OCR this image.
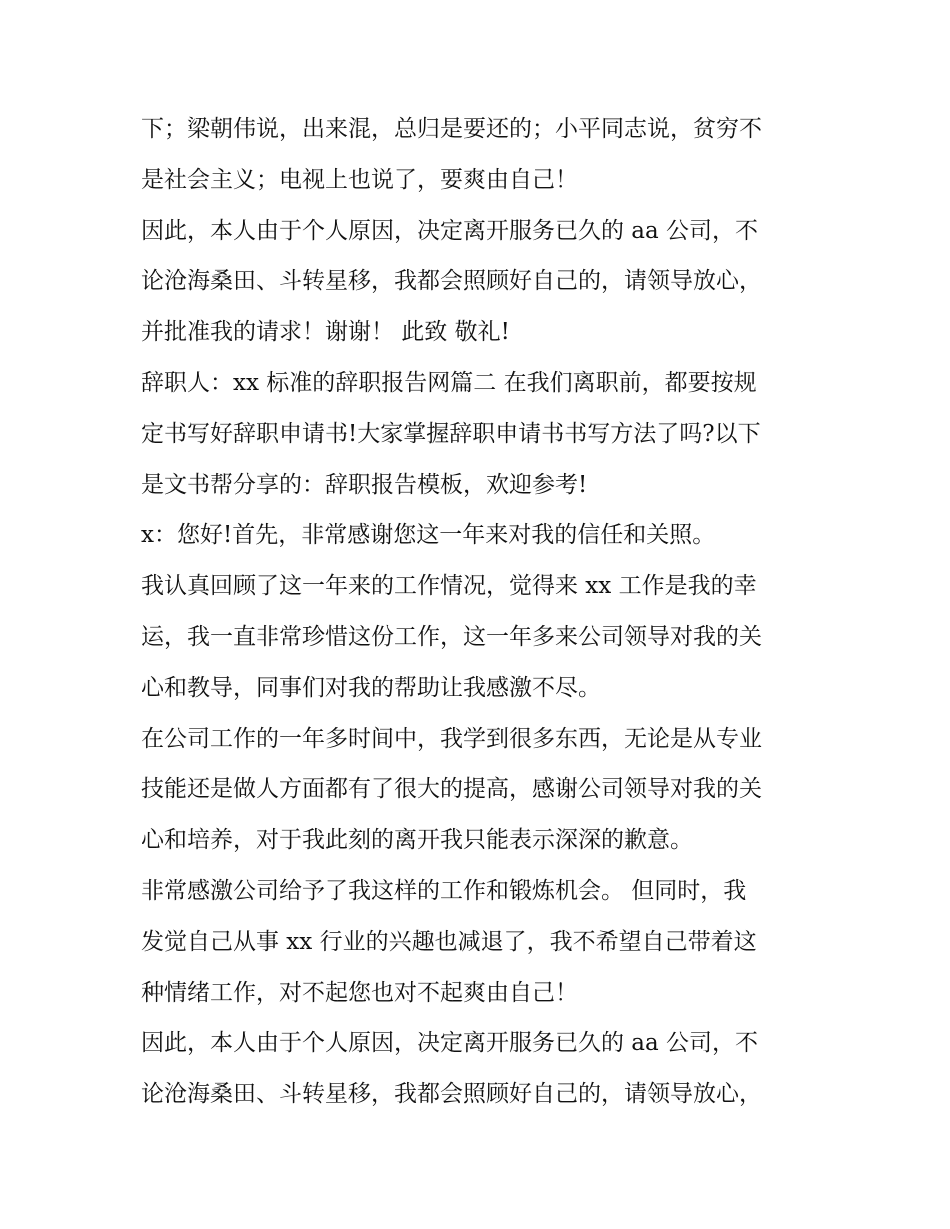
下；梁朝伟说，出来混，总归是要还的；小平同志说，贫穷不
是社会主义；电视上也说了，要爽由自己！
因此，本人由于个人原因，决定离开服务已久的 aa 公司，不
论沧海桑田、斗转星移，我都会照顾好自己的，请领导放心，
并批准我的请求！谢谢！ 此致 敬礼!
辞职人：xx 标准的辞职报告网篇二 在我们离职前，都要按规
定书写好辞职申请书!大家掌握辞职申请书书写方法了吗?以下
是文书帮分享的：辞职报告模板，欢迎参考!
x：您好!首先，非常感谢您这一年来对我的信任和关照。
我认真回顾了这一年来的工作情况，觉得来 xx 工作是我的幸
运，我一直非常珍惜这份工作，这一年多来公司领导对我的关
心和教导，同事们对我的帮助让我感激不尽。
在公司工作的一年多时间中，我学到很多东西，无论是从专业
技能还是做人方面都有了很大的提高，感谢公司领导对我的关
心和培养，对于我此刻的离开我只能表示深深的歉意。
非常感激公司给予了我这样的工作和锻炼机会。 但同时，我
发觉自己从事 xx 行业的兴趣也减退了，我不希望自己带着这
种情绪工作，对不起您也对不起爽由自己！
因此，本人由于个人原因，决定离开服务已久的 aa 公司，不
论沧海桑田、斗转星移，我都会照顾好自己的，请领导放心，
